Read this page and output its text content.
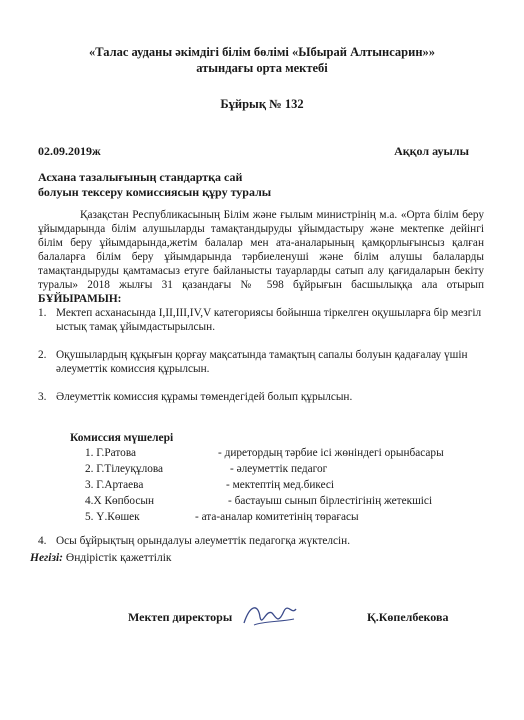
«Талас ауданы әкімдігі білім бөлімі «Ыбырай Алтынсарин»»
атындағы орта мектебі
Бұйрық № 132
02.09.2019ж	Аққол ауылы
Асхана тазалығының стандартқа сай
болуын тексеру комиссиясын құру туралы
Қазақстан Республикасының Білім және ғылым министрінің м.а. «Орта білім беру ұйымдарында білім алушыларды тамақтандыруды ұйымдастыру және мектепке дейінгі білім беру ұйымдарында,жетім балалар мен ата-аналарының қамқорлығынсыз қалған балаларға білім беру ұйымдарында тәрбиеленуші және білім алушы балаларды тамақтандыруды қамтамасыз етуге байланысты тауарларды сатып алу қағидаларын бекіту туралы» 2018 жылғы 31 қазандағы № 598 бұйрығын басшылыққа ала отырып БҰЙЫРАМЫН:
1. Мектеп асханасында І,ІІ,ІІІ,IV,V категориясы бойынша тіркелген оқушыларға бір мезгіл ыстық тамақ ұйымдастырылсын.
2. Оқушылардың құқығын қорғау мақсатында тамақтың сапалы болуын қадағалау үшін әлеуметтік комиссия құрылсын.
3. Әлеуметтік комиссия құрамы төмендегідей болып құрылсын.
Комиссия мүшелері
1. Г.Ратова	- диретордың тәрбие ісі жөніндегі орынбасары
2. Г.Тілеуқұлова	- әлеуметтік педагог
3. Г.Артаева	- мектептің мед.бикесі
4.Х Көпбосын	- бастауыш сынып бірлестігінің жетекшісі
5. Ү.Көшек	- ата-аналар комитетінің төрағасы
4. Осы бұйрықтың орындалуы әлеуметтік педагогқа жүктелсін.
Негізі: Өндірістік қажеттілік
Мектеп директоры	Қ.Көпелбекова
